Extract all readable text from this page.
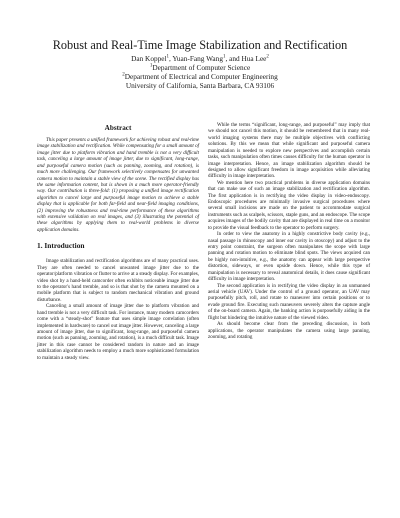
Robust and Real-Time Image Stabilization and Rectification
Dan Koppel$^1$, Yuan-Fang Wang$^1$, and Hua Lee$^2$
$^1$Department of Computer Science
$^2$Department of Electrical and Computer Engineering
University of California, Santa Barbara, CA 93106
Abstract

This paper presents a unified framework for achieving robust and real-time image stabilization and rectification. While compensating for a small amount of image jitter due to platform vibration and hand tremble is not a very difficult task, canceling a large amount of image jitter, due to significant, long-range, and purposeful camera motion (such as panning, zooming, and rotation), is much more challenging. Our framework selectively compensates for unwanted camera motion to maintain a stable view of the scene. The rectified display has the same information content, but is shown in a much more operator-friendly way. Our contribution is three-fold: (1) proposing a unified image rectification algorithm to cancel large and purposeful image motion to achieve a stable display that is applicable for both far-field and near-field imaging conditions, (2) improving the robustness and real-time performance of these algorithms with extensive validation on real images, and (3) illustrating the potential of these algorithms by applying them to real-world problems in diverse application domains.

1. Introduction

Image stabilization and rectification algorithms are of many practical uses. They are often needed to cancel unwanted image jitter due to the operator/platform vibration or flutter to arrive at a steady display. For examples, video shot by a hand-held camcorder often exhibits noticeable image jitter due to the operator's hand tremble, and so is that shot by the camera mounted on a mobile platform that is subject to random mechanical vibration and ground disturbance.

Canceling a small amount of image jitter due to platform vibration and hand tremble is not a very difficult task. For instance, many modern camcorders come with a “steady-shot” feature that uses simple image correlation (often implemented in hardware) to cancel out image jitter. However, canceling a large amount of image jitter, due to significant, long-range, and purposeful camera motion (such as panning, zooming, and rotation), is a much difficult task. Image jitter in this case cannot be considered random in nature and an image stabilization algorithm needs to employ a much more sophisticated formulation to maintain a steady view.

While the terms “significant, long-range, and purposeful” may imply that we should not cancel this motion, it should be remembered that in many real-world imaging systems there may be multiple objectives with conflicting solutions. By this we mean that while significant and purposeful camera manipulation is needed to explore new perspectives and accomplish certain tasks, such manipulation often times causes difficulty for the human operator in image interpretation. Hence, an image stabilization algorithm should be designed to allow significant freedom in image acquisition while alleviating difficulty in image interpretation.

We mention here two practical problems in diverse application domains that can make use of such an image stabilization and rectification algorithm. The first application is in rectifying the video display in video-endoscopy. Endoscopic procedures are minimally invasive surgical procedures where several small incisions are made on the patient to accommodate surgical instruments such as scalpels, scissors, staple guns, and an endoscope. The scope acquires images of the bodily cavity that are displayed in real time on a monitor to provide the visual feedback to the operator to perform surgery.

In order to view the anatomy in a highly constrictive body cavity (e.g., nasal passage in rhinoscopy and inner ear cavity in otoscopy) and adjust to the entry point constraint, the surgeon often manipulates the scope with large panning and rotation motion to eliminate blind spots. The views acquired can be highly non-intuitive, e.g., the anatomy can appear with large perspective distortion, sideways, or even upside down. Hence, while this type of manipulation is necessary to reveal anatomical details, it does cause significant difficulty in image interpretation.

The second application is in rectifying the video display in an unmanned aerial vehicle (UAV). Under the control of a ground operator, an UAV may purposefully pitch, roll, and rotate to maneuver into certain positions or to evade ground fire. Executing such maneuvers severely alters the capture angle of the on-board camera. Again, the banking action is purposefully aiding in the flight but hindering the intuitive nature of the viewed video.

As should become clear from the preceding discussion, in both applications, the operator manipulates the camera using large panning, zooming, and rotating
